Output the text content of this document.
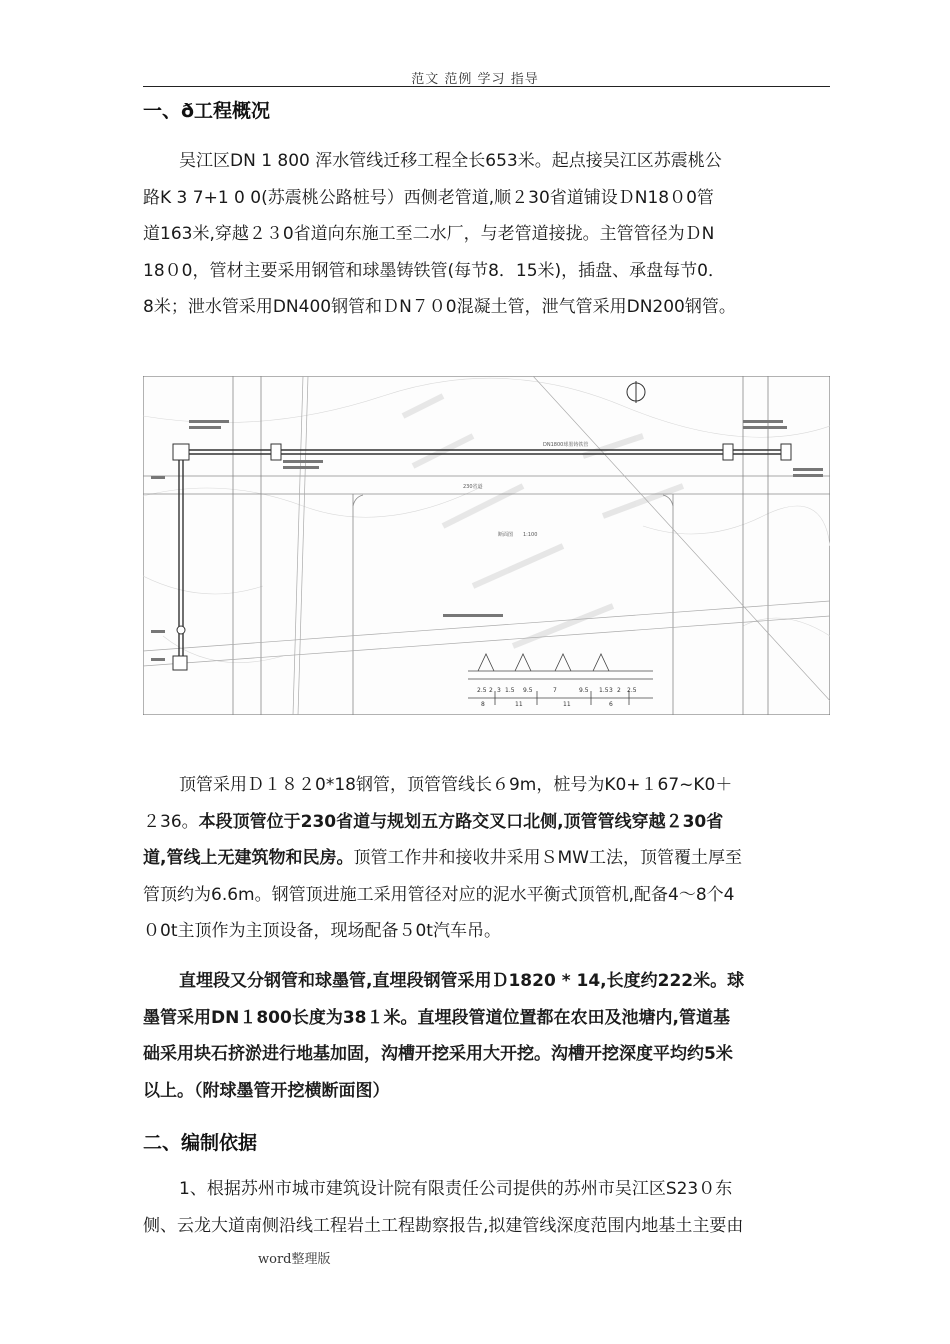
范文 范例 学习 指导
一、ð工程概况
吴江区DN 1 800 浑水管线迁移工程全长653米。起点接吴江区苏震桃公
路K 3 7+1 0 0(苏震桃公路桩号）西侧老管道,顺２30省道铺设ＤN18０0管
道163米,穿越２３0省道向东施工至二水厂，与老管道接拢。主管管径为ＤN
18０0，管材主要采用钢管和球墨铸铁管(每节8．15米)，插盘、承盘每节0．
8米；泄水管采用DN400钢管和ＤN７０0混凝土管，泄气管采用DN200钢管。
DN1800球墨铸铁管
230省道
断面图 1:100
2.5 2 3 1.5 9.5	7	9.5 1.5 3 2 2.5
8	11	11	6
顶管采用Ｄ１８２0*18钢管，顶管管线长６9m，桩号为K0+１67~K0＋
２36。本段顶管位于230省道与规划五方路交叉口北侧,顶管管线穿越２30省
道,管线上无建筑物和民房。顶管工作井和接收井采用ＳMW工法，顶管覆土厚至
管顶约为6.6m。钢管顶进施工采用管径对应的泥水平衡式顶管机,配备4～8个4
０0t主顶作为主顶设备，现场配备５0t汽车吊。
直埋段又分钢管和球墨管,直埋段钢管采用Ｄ1820 * 14,长度约222米。球
墨管采用DN１800长度为38１米。直埋段管道位置都在农田及池塘内,管道基
础采用块石挤淤进行地基加固，沟槽开挖采用大开挖。沟槽开挖深度平均约5米
以上。（附球墨管开挖横断面图）
二、编制依据
1、根据苏州市城市建筑设计院有限责任公司提供的苏州市吴江区S23０东
侧、云龙大道南侧沿线工程岩土工程勘察报告,拟建管线深度范围内地基土主要由
word整理版
